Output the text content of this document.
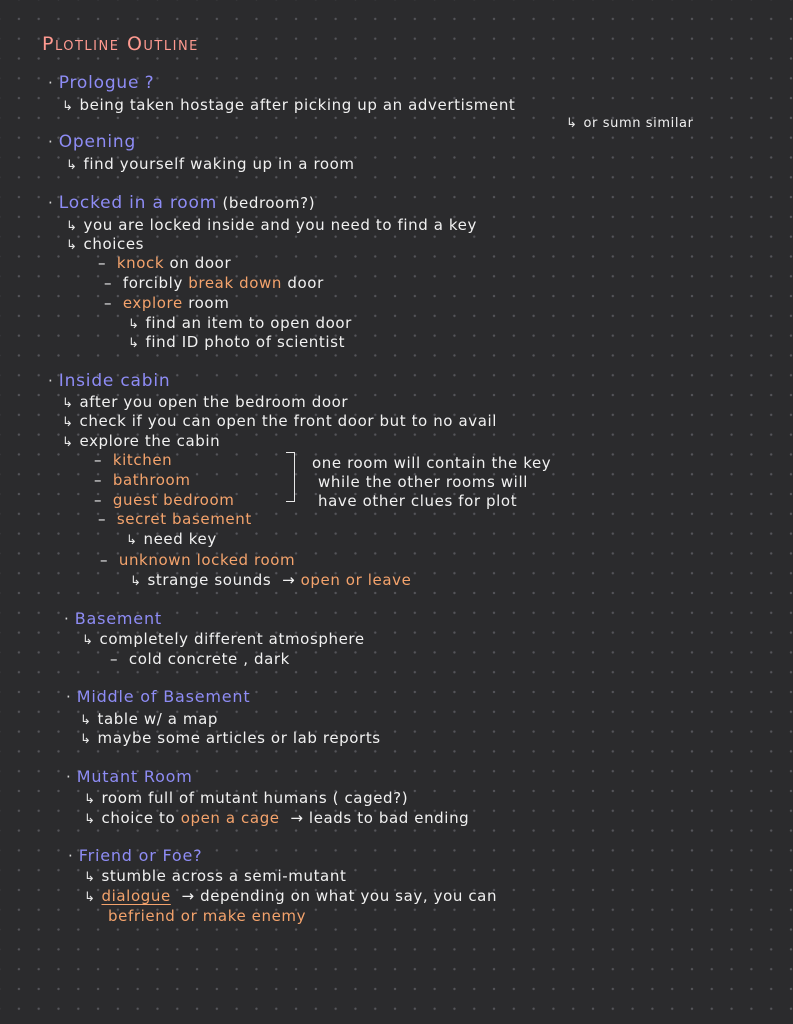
Plotline Outline
· Prologue ?
↳ being taken hostage after picking up an advertisment
↳ or sumn similar
· Opening
↳ find yourself waking up in a room
· Locked in a room (bedroom?)
↳ you are locked inside and you need to find a key
↳ choices
–  knock on door
–  forcibly break down door
–  explore room
↳ find an item to open door
↳ find ID photo of scientist
· Inside cabin
↳ after you open the bedroom door
↳ check if you can open the front door but to no avail
↳ explore the cabin
–  kitchen
–  bathroom
–  guest bedroom
one room will contain the key
while the other rooms will
have other clues for plot
–  secret basement
↳ need key
–  unknown locked room
↳ strange sounds  → open or leave
· Basement
↳ completely different atmosphere
–  cold concrete , dark
· Middle of Basement
↳ table w/ a map
↳ maybe some articles or lab reports
· Mutant Room
↳ room full of mutant humans ( caged?)
↳ choice to open a cage  → leads to bad ending
· Friend or Foe?
↳ stumble across a semi-mutant
↳ dialogue  → depending on what you say, you can
befriend or make enemy
